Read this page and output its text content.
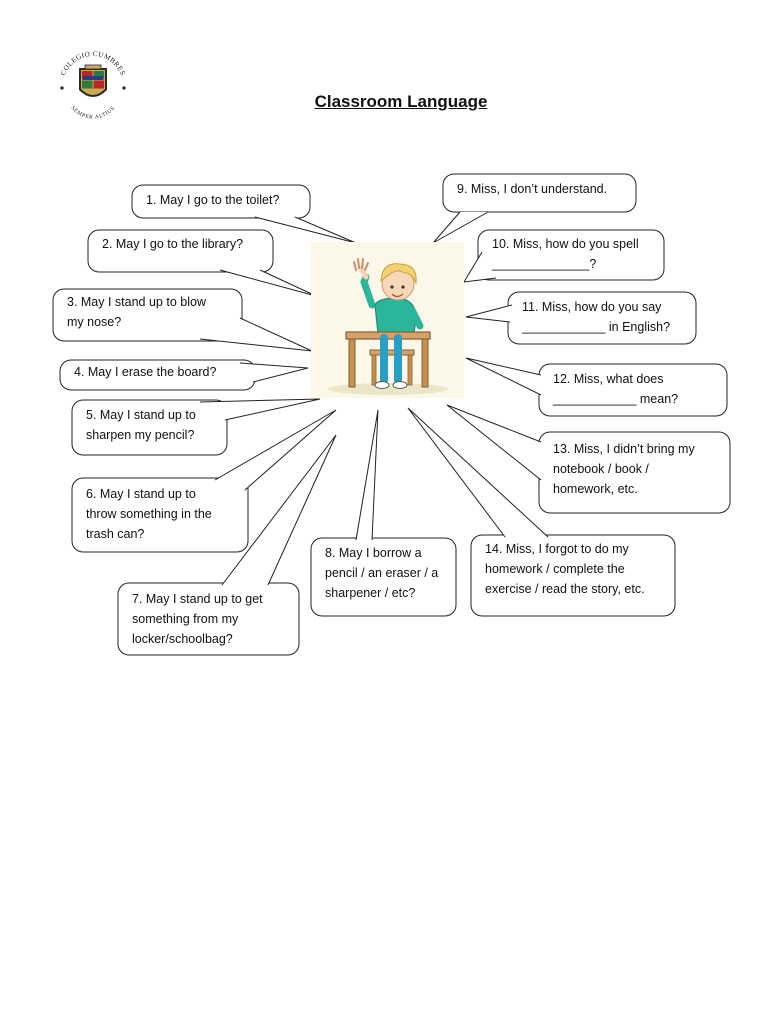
COLEGIO CUMBRES
SEMPER ALTIUS	Classroom Language
1. May I go to the toilet?
2. May I go to the library?
3. May I stand up to blow
my nose?
4. May I erase the board?
5. May I stand up to
sharpen my pencil?
6. May I stand up to
throw something in the
trash can?
7. May I stand up to get
something from my
locker/schoolbag?
8. May I borrow a
pencil / an eraser / a
sharpener / etc?
9. Miss, I don’t understand.
10. Miss, how do you spell
______________?
11. Miss, how do you say
____________ in English?
12. Miss, what does
____________ mean?
13. Miss, I didn’t bring my
notebook / book /
homework, etc.
14. Miss, I forgot to do my
homework / complete the
exercise / read the story, etc.
